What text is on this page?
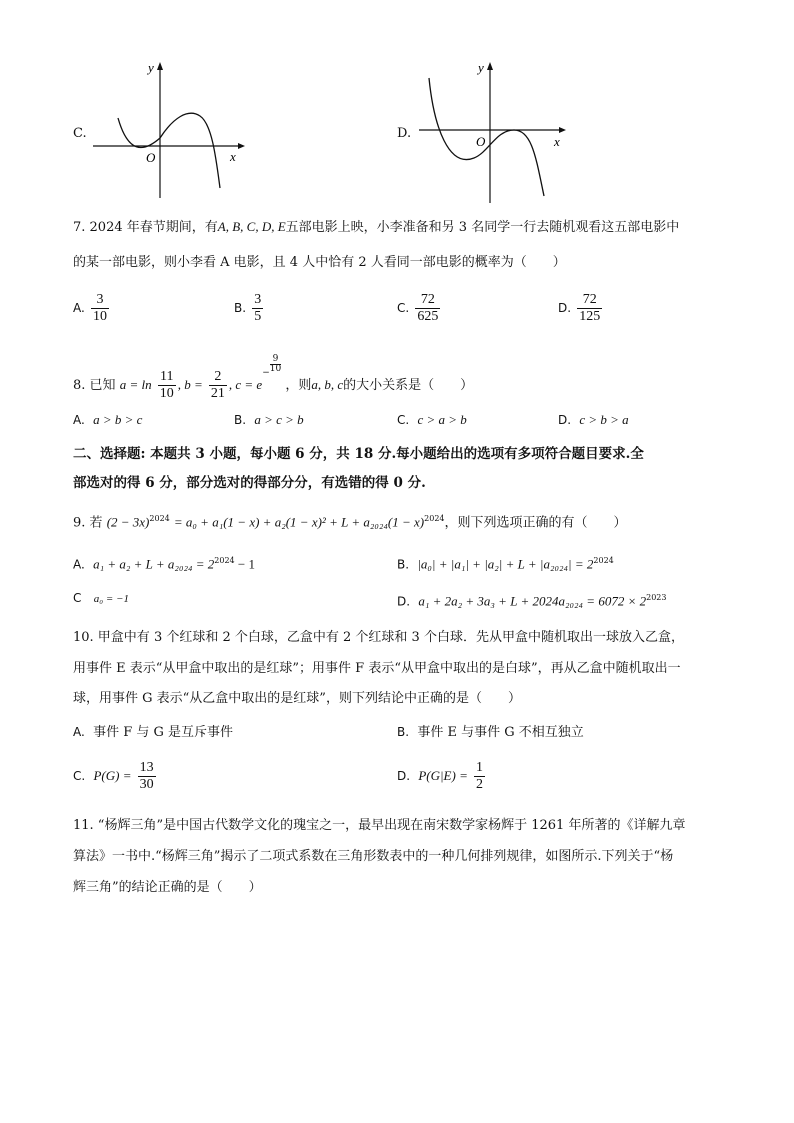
C.
y
x
O
D.
y
x
O
7. 2024 年春节期间，有A, B, C, D, E五部电影上映，小李准备和另 3 名同学一行去随机观看这五部电影中
的某一部电影，则小李看 A 电影，且 4 人中恰有 2 人看同一部电影的概率为（　　）
A. $\frac{3}{10}$	B. $\frac{3}{5}$	C. $\frac{72}{625}$	D. $\frac{72}{125}$
8. 已知 $a = \ln \frac{11}{10}$ , $b = \frac{2}{21}$ , $c = e- \frac{9}{10}$ ，则a, b, c的大小关系是（　　）
A. a > b > c	B. a > c > b	C. c > a > b	D. c > b > a
二、选择题: 本题共 3 小题，每小题 6 分，共 18 分.每小题给出的选项有多项符合题目要求.全
部选对的得 6 分，部分选对的得部分分，有选错的得 0 分.
9. 若 $(2 - 3x)^{2024} = a_0 + a_1(1 - x) + a_2(1 - x)^2 + L + a_{2024}(1 - x)^{2024}$，则下列选项正确的有（　　）
A. $a_1 + a_2 + L + a_{2024} = 2^{2024} - 1$	B. $|a_0| + |a_1| + |a_2| + L + |a_{2024}| = 2^{2024}$
C a₀ = −1	D. $a_1 + 2a_2 + 3a_3 + L + 2024a_{2024} = 6072 \times 2^{2023}$
10. 甲盒中有 3 个红球和 2 个白球，乙盒中有 2 个红球和 3 个白球．先从甲盒中随机取出一球放入乙盒，
用事件 E 表示“从甲盒中取出的是红球”；用事件 F 表示“从甲盒中取出的是白球”，再从乙盒中随机取出一
球，用事件 G 表示“从乙盒中取出的是红球”，则下列结论中正确的是（　　）
A. 事件 F 与 G 是互斥事件	B. 事件 E 与事件 G 不相互独立
C. $P(G) = \frac{13}{30}$	D. $P(G|E) = \frac{1}{2}$
11. “杨辉三角”是中国古代数学文化的瑰宝之一，最早出现在南宋数学家杨辉于 1261 年所著的《详解九章
算法》一书中.“杨辉三角”揭示了二项式系数在三角形数表中的一种几何排列规律，如图所示.下列关于“杨
辉三角”的结论正确的是（　　）
